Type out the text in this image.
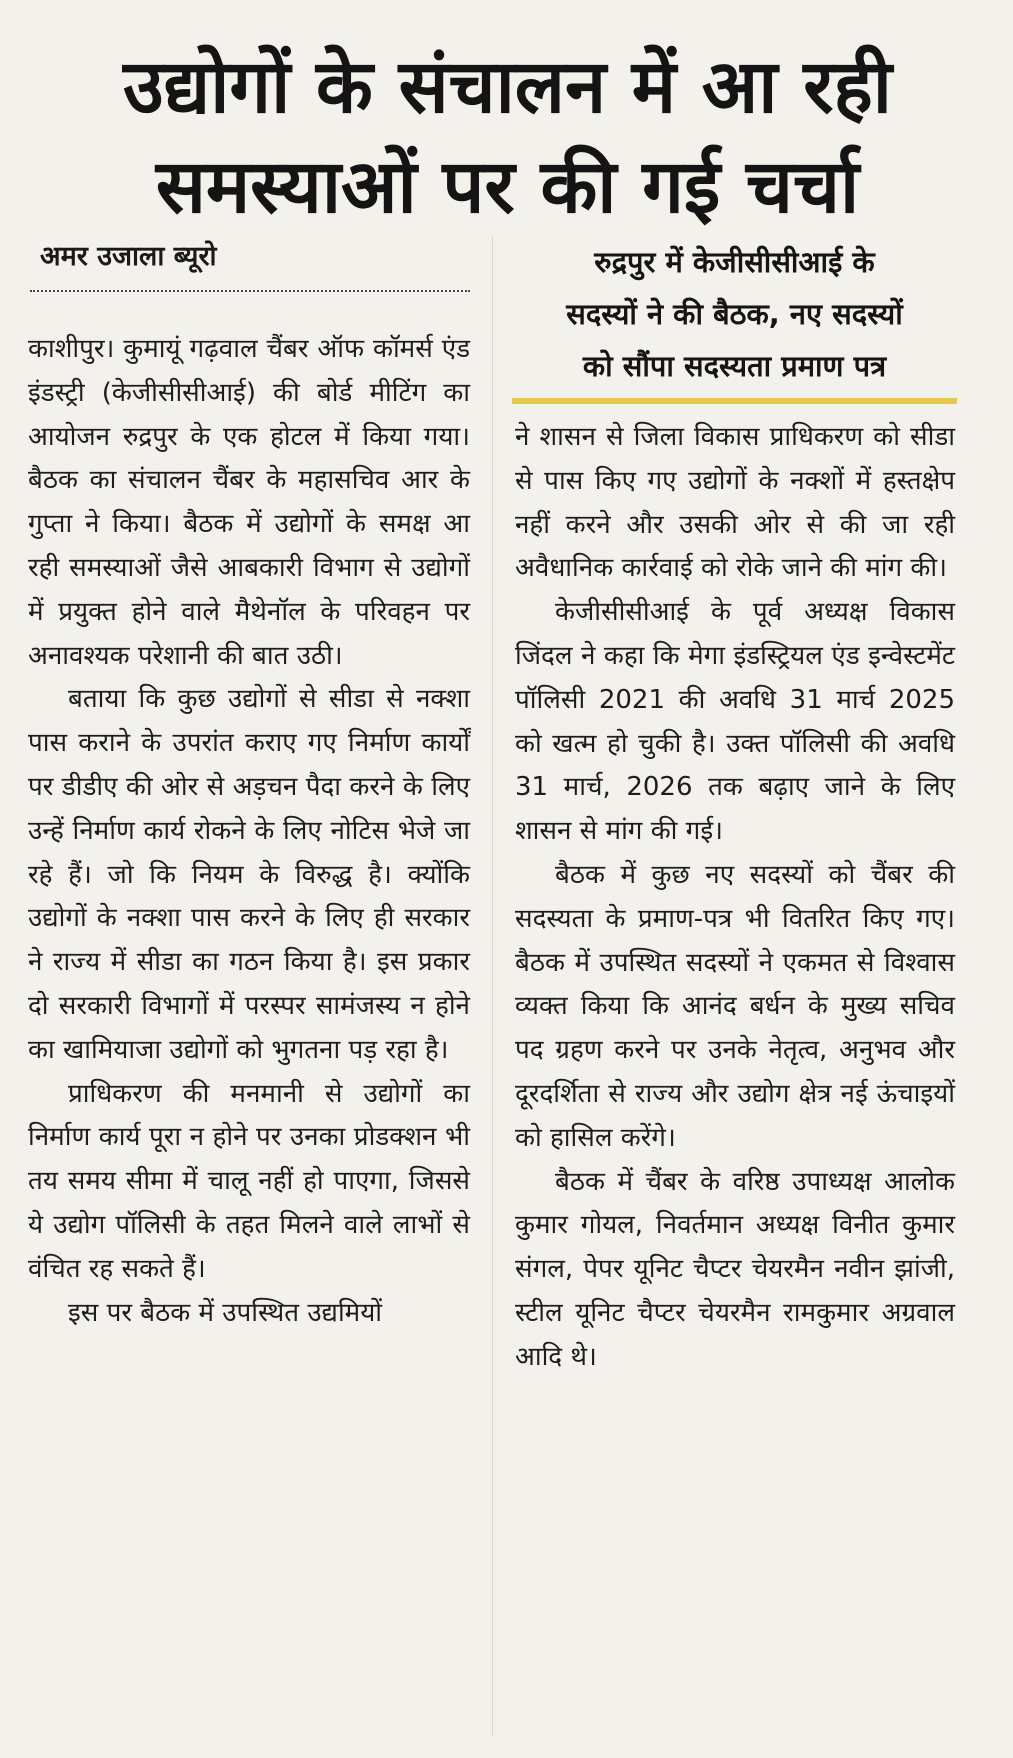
उद्योगों के संचालन में आ रही
समस्याओं पर की गई चर्चा
अमर उजाला ब्यूरो

काशीपुर। कुमायूं गढ़वाल चैंबर ऑफ कॉमर्स एंड इंडस्ट्री (केजीसीसीआई) की बोर्ड मीटिंग का आयोजन रुद्रपुर के एक होटल में किया गया। बैठक का संचालन चैंबर के महासचिव आर के गुप्ता ने किया। बैठक में उद्योगों के समक्ष आ रही समस्याओं जैसे आबकारी विभाग से उद्योगों में प्रयुक्त होने वाले मैथेनॉल के परिवहन पर अनावश्यक परेशानी की बात उठी।

बताया कि कुछ उद्योगों से सीडा से नक्शा पास कराने के उपरांत कराए गए निर्माण कार्यों पर डीडीए की ओर से अड़चन पैदा करने के लिए उन्हें निर्माण कार्य रोकने के लिए नोटिस भेजे जा रहे हैं। जो कि नियम के विरुद्ध है। क्योंकि उद्योगों के नक्शा पास करने के लिए ही सरकार ने राज्य में सीडा का गठन किया है। इस प्रकार दो सरकारी विभागों में परस्पर सामंजस्य न होने का खामियाजा उद्योगों को भुगतना पड़ रहा है।

प्राधिकरण की मनमानी से उद्योगों का निर्माण कार्य पूरा न होने पर उनका प्रोडक्शन भी तय समय सीमा में चालू नहीं हो पाएगा, जिससे ये उद्योग पॉलिसी के तहत मिलने वाले लाभों से वंचित रह सकते हैं।

इस पर बैठक में उपस्थित उद्यमियों

रुद्रपुर में केजीसीसीआई के
सदस्यों ने की बैठक, नए सदस्यों
को सौंपा सदस्यता प्रमाण पत्र

ने शासन से जिला विकास प्राधिकरण को सीडा से पास किए गए उद्योगों के नक्शों में हस्तक्षेप नहीं करने और उसकी ओर से की जा रही अवैधानिक कार्रवाई को रोके जाने की मांग की।

केजीसीसीआई के पूर्व अध्यक्ष विकास जिंदल ने कहा कि मेगा इंडस्ट्रियल एंड इन्वेस्टमेंट पॉलिसी 2021 की अवधि 31 मार्च 2025 को खत्म हो चुकी है। उक्त पॉलिसी की अवधि 31 मार्च, 2026 तक बढ़ाए जाने के लिए शासन से मांग की गई।

बैठक में कुछ नए सदस्यों को चैंबर की सदस्यता के प्रमाण-पत्र भी वितरित किए गए। बैठक में उपस्थित सदस्यों ने एकमत से विश्वास व्यक्त किया कि आनंद बर्धन के मुख्य सचिव पद ग्रहण करने पर उनके नेतृत्व, अनुभव और दूरदर्शिता से राज्य और उद्योग क्षेत्र नई ऊंचाइयों को हासिल करेंगे।

बैठक में चैंबर के वरिष्ठ उपाध्यक्ष आलोक कुमार गोयल, निवर्तमान अध्यक्ष विनीत कुमार संगल, पेपर यूनिट चैप्टर चेयरमैन नवीन झांजी, स्टील यूनिट चैप्टर चेयरमैन रामकुमार अग्रवाल आदि थे।
